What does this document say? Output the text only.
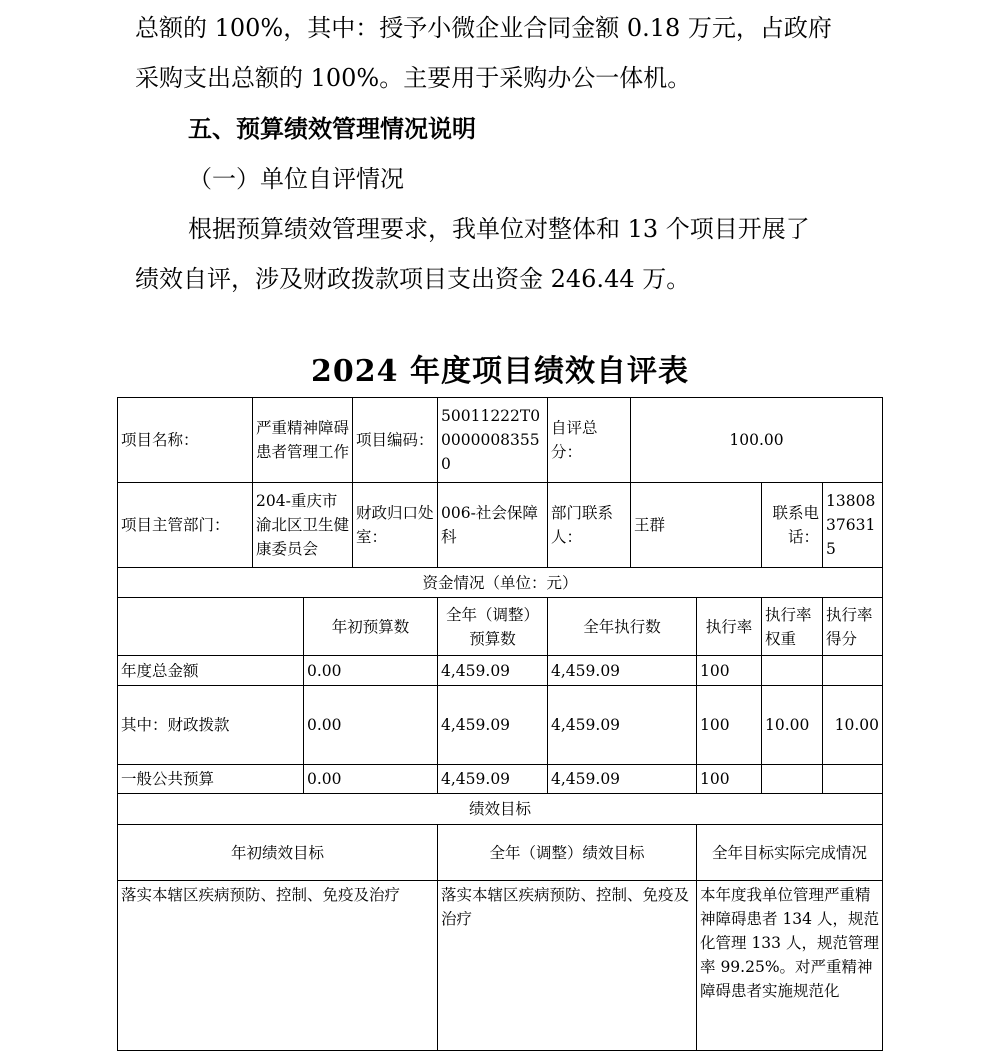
总额的 100%，其中：授予小微企业合同金额 0.18 万元，占政府

采购支出总额的 100%。主要用于采购办公一体机。

五、预算绩效管理情况说明

（一）单位自评情况

根据预算绩效管理要求，我单位对整体和 13 个项目开展了

绩效自评，涉及财政拨款项目支出资金 246.44 万。

2024 年度项目绩效自评表
项目名称：	严重精神障碍患者管理工作		项目编码：	50011222T000000083550	自评总分：	100.00			
项目主管部门：	204-重庆市渝北区卫生健康委员会		财政归口处室：	006-社会保障科	部门联系人：	王群		联系电话：	13808376315
资金情况（单位：元）									
		年初预算数		全年（调整）预算数	全年执行数		执行率	执行率权重	执行率得分
年度总金额		0.00		4,459.09	4,459.09		100		
其中：财政拨款		0.00		4,459.09	4,459.09		100	10.00	10.00
一般公共预算		0.00		4,459.09	4,459.09		100		
绩效目标									
年初绩效目标				全年（调整）绩效目标			全年目标实际完成情况		
落实本辖区疾病预防、控制、免疫及治疗				落实本辖区疾病预防、控制、免疫及治疗			本年度我单位管理严重精神障碍患者 134 人，规范化管理 133 人，规范管理率 99.25%。对严重精神障碍患者实施规范化		
